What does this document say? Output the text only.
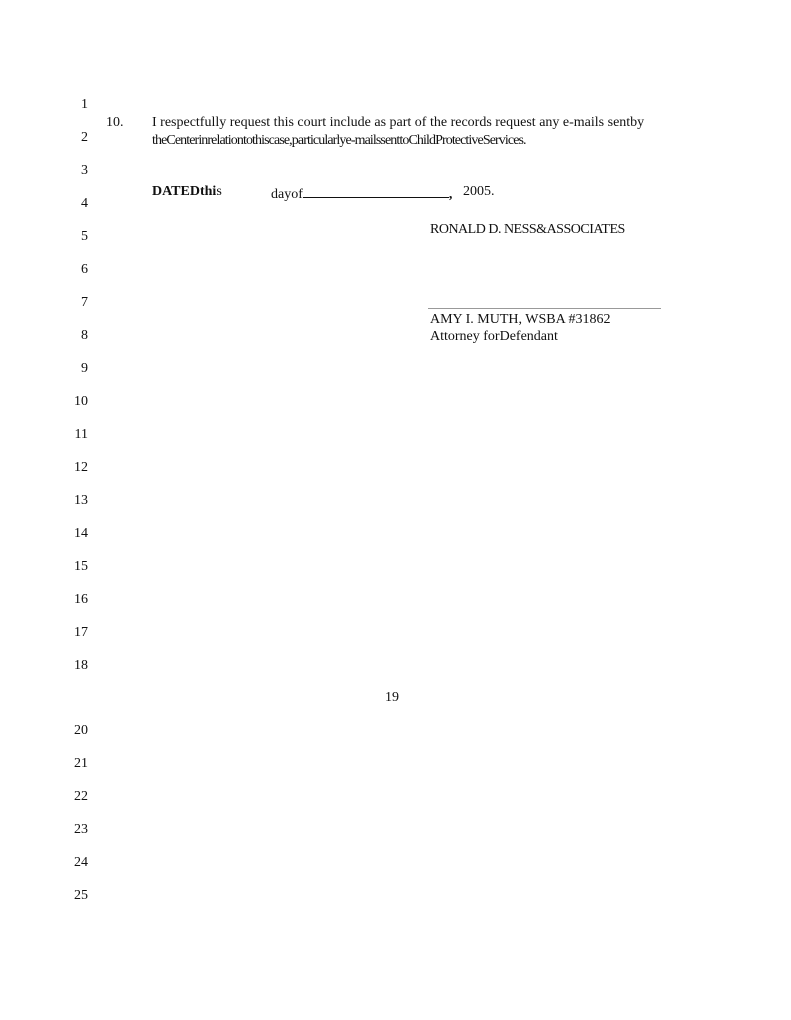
1
2
3
4
5
6
7
8
9
10
11
12
13
14
15
16
17
18
19
20
21
22
23
24
25
10. I respectfully request this court include as part of the records request any e-mails sentby
theCenterinrelationtothiscase,particularlye-mailssenttoChildProtectiveServices.
DATEDthis	dayof	, 2005.
RONALD D. NESS&ASSOCIATES
AMY I. MUTH, WSBA #31862
Attorney forDefendant
